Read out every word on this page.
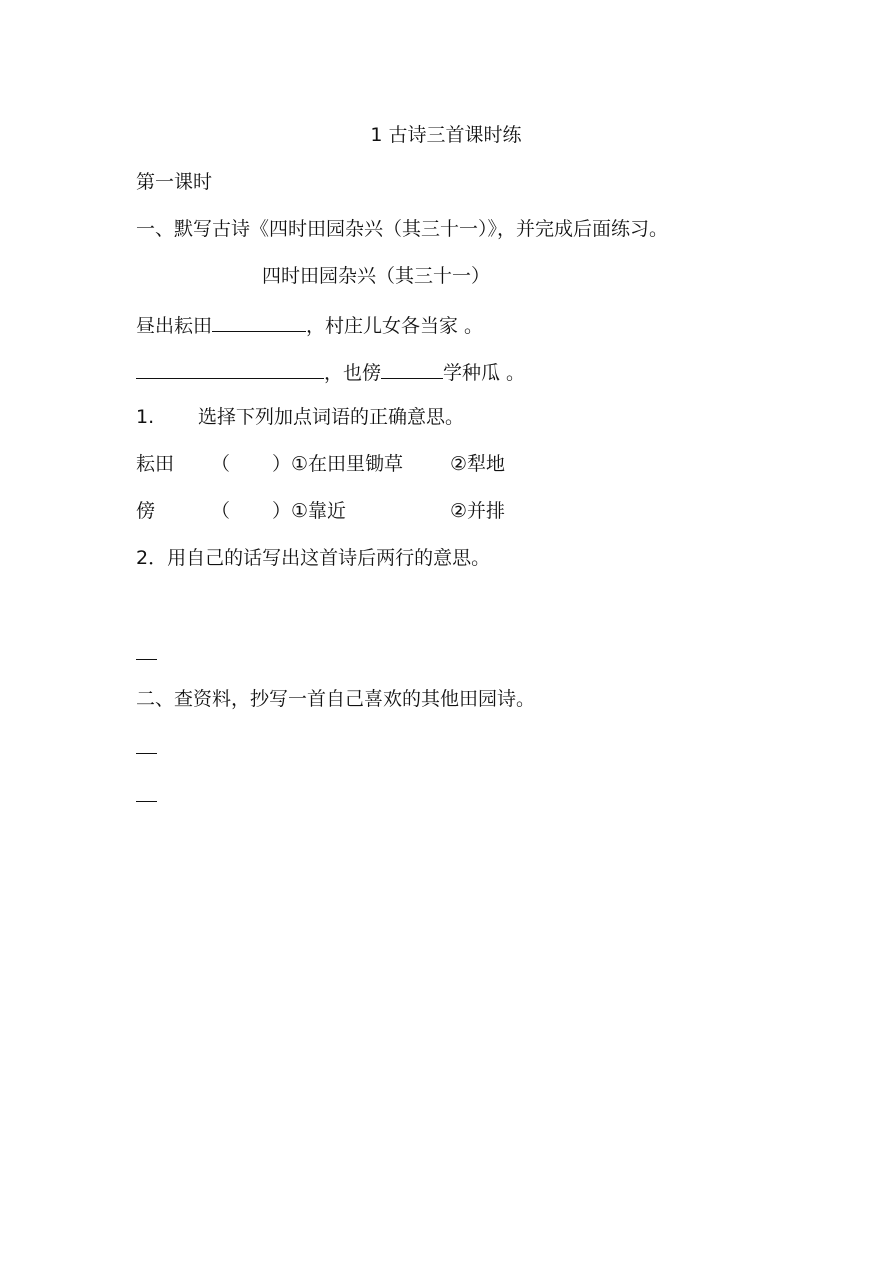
1 古诗三首课时练
第一课时
一、默写古诗《四时田园杂兴（其三十一）》，并完成后面练习。
四时田园杂兴（其三十一）
昼出耘田	，村庄儿女各当家 。
，也傍	学种瓜 。
1. 选择下列加点词语的正确意思。
耘田 （ ） ①在田里锄草 ②犁地
傍	（ ） ①靠近	②并排
2．用自己的话写出这首诗后两行的意思。
二、查资料，抄写一首自己喜欢的其他田园诗。
